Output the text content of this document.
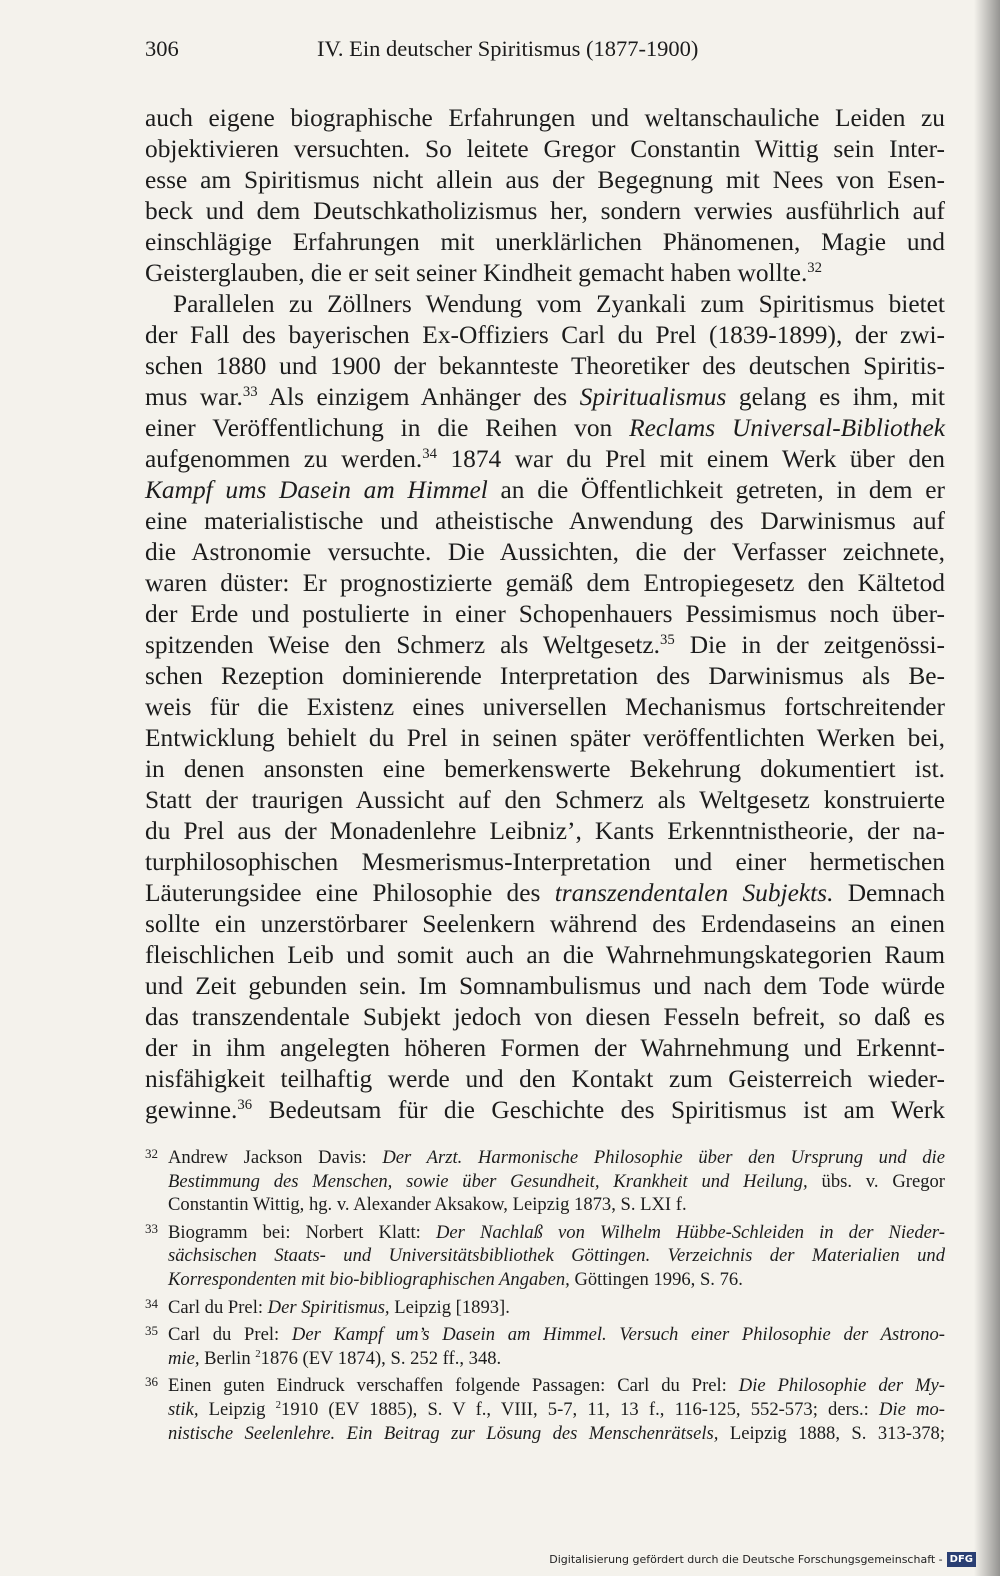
306	IV. Ein deutscher Spiritismus (1877-1900)
auch eigene biographische Erfahrungen und weltanschauliche Leiden zu
objektivieren versuchten. So leitete Gregor Constantin Wittig sein Inter-
esse am Spiritismus nicht allein aus der Begegnung mit Nees von Esen-
beck und dem Deutschkatholizismus her, sondern verwies ausführlich auf
einschlägige Erfahrungen mit unerklärlichen Phänomenen, Magie und
Geisterglauben, die er seit seiner Kindheit gemacht haben wollte.$^{32}$
Parallelen zu Zöllners Wendung vom Zyankali zum Spiritismus bietet
der Fall des bayerischen Ex-Offiziers Carl du Prel (1839-1899), der zwi-
schen 1880 und 1900 der bekannteste Theoretiker des deutschen Spiritis-
mus war.$^{33}$ Als einzigem Anhänger des Spiritualismus gelang es ihm, mit
einer Veröffentlichung in die Reihen von Reclams Universal-Bibliothek
aufgenommen zu werden.$^{34}$ 1874 war du Prel mit einem Werk über den
Kampf ums Dasein am Himmel an die Öffentlichkeit getreten, in dem er
eine materialistische und atheistische Anwendung des Darwinismus auf
die Astronomie versuchte. Die Aussichten, die der Verfasser zeichnete,
waren düster: Er prognostizierte gemäß dem Entropiegesetz den Kältetod
der Erde und postulierte in einer Schopenhauers Pessimismus noch über-
spitzenden Weise den Schmerz als Weltgesetz.$^{35}$ Die in der zeitgenössi-
schen Rezeption dominierende Interpretation des Darwinismus als Be-
weis für die Existenz eines universellen Mechanismus fortschreitender
Entwicklung behielt du Prel in seinen später veröffentlichten Werken bei,
in denen ansonsten eine bemerkenswerte Bekehrung dokumentiert ist.
Statt der traurigen Aussicht auf den Schmerz als Weltgesetz konstruierte
du Prel aus der Monadenlehre Leibniz’, Kants Erkenntnistheorie, der na-
turphilosophischen Mesmerismus-Interpretation und einer hermetischen
Läuterungsidee eine Philosophie des transzendentalen Subjekts. Demnach
sollte ein unzerstörbarer Seelenkern während des Erdendaseins an einen
fleischlichen Leib und somit auch an die Wahrnehmungskategorien Raum
und Zeit gebunden sein. Im Somnambulismus und nach dem Tode würde
das transzendentale Subjekt jedoch von diesen Fesseln befreit, so daß es
der in ihm angelegten höheren Formen der Wahrnehmung und Erkennt-
nisfähigkeit teilhaftig werde und den Kontakt zum Geisterreich wieder-
gewinne.$^{36}$ Bedeutsam für die Geschichte des Spiritismus ist am Werk
32 Andrew Jackson Davis: Der Arzt. Harmonische Philosophie über den Ursprung und die
Bestimmung des Menschen, sowie über Gesundheit, Krankheit und Heilung, übs. v. Gregor
Constantin Wittig, hg. v. Alexander Aksakow, Leipzig 1873, S. LXI f.
33 Biogramm bei: Norbert Klatt: Der Nachlaß von Wilhelm Hübbe-Schleiden in der Nieder-
sächsischen Staats- und Universitätsbibliothek Göttingen. Verzeichnis der Materialien und
Korrespondenten mit bio-bibliographischen Angaben, Göttingen 1996, S. 76.
34 Carl du Prel: Der Spiritismus, Leipzig [1893].
35 Carl du Prel: Der Kampf um’s Dasein am Himmel. Versuch einer Philosophie der Astrono-
mie, Berlin $^2$1876 (EV 1874), S. 252 ff., 348.
36 Einen guten Eindruck verschaffen folgende Passagen: Carl du Prel: Die Philosophie der My-
stik, Leipzig $^2$1910 (EV 1885), S. V f., VIII, 5-7, 11, 13 f., 116-125, 552-573; ders.: Die mo-
nistische Seelenlehre. Ein Beitrag zur Lösung des Menschenrätsels, Leipzig 1888, S. 313-378;
Digitalisierung gefördert durch die Deutsche Forschungsgemeinschaft - DFG
